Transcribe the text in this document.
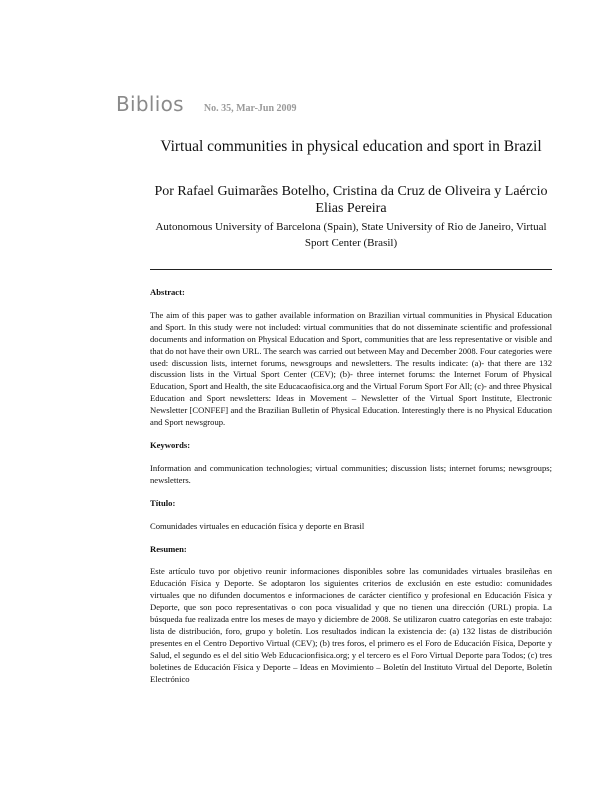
Biblios No. 35, Mar-Jun 2009
Virtual communities in physical education and sport in Brazil
Por Rafael Guimarães Botelho, Cristina da Cruz de Oliveira y Laércio Elias Pereira
Autonomous University of Barcelona (Spain), State University of Rio de Janeiro, Virtual Sport Center (Brasil)

Abstract:

The aim of this paper was to gather available information on Brazilian virtual communities in Physical Education and Sport. In this study were not included: virtual communities that do not disseminate scientific and professional documents and information on Physical Education and Sport, communities that are less representative or visible and that do not have their own URL. The search was carried out between May and December 2008. Four categories were used: discussion lists, internet forums, newsgroups and newsletters. The results indicate: (a)- that there are 132 discussion lists in the Virtual Sport Center (CEV); (b)- three internet forums: the Internet Forum of Physical Education, Sport and Health, the site Educacaofisica.org and the Virtual Forum Sport For All; (c)- and three Physical Education and Sport newsletters: Ideas in Movement – Newsletter of the Virtual Sport Institute, Electronic Newsletter [CONFEF] and the Brazilian Bulletin of Physical Education. Interestingly there is no Physical Education and Sport newsgroup.

Keywords:

Information and communication technologies; virtual communities; discussion lists; internet forums; newsgroups; newsletters.

Título:

Comunidades virtuales en educación física y deporte en Brasil

Resumen:

Este artículo tuvo por objetivo reunir informaciones disponibles sobre las comunidades virtuales brasileñas en Educación Física y Deporte. Se adoptaron los siguientes criterios de exclusión en este estudio: comunidades virtuales que no difunden documentos e informaciones de carácter científico y profesional en Educación Física y Deporte, que son poco representativas o con poca visualidad y que no tienen una dirección (URL) propia. La búsqueda fue realizada entre los meses de mayo y diciembre de 2008. Se utilizaron cuatro categorías en este trabajo: lista de distribución, foro, grupo y boletín. Los resultados indican la existencia de: (a) 132 listas de distribución presentes en el Centro Deportivo Virtual (CEV); (b) tres foros, el primero es el Foro de Educación Física, Deporte y Salud, el segundo es el del sitio Web Educacionfisica.org; y el tercero es el Foro Virtual Deporte para Todos; (c) tres boletines de Educación Física y Deporte – Ideas en Movimiento – Boletín del Instituto Virtual del Deporte, Boletín Electrónico
